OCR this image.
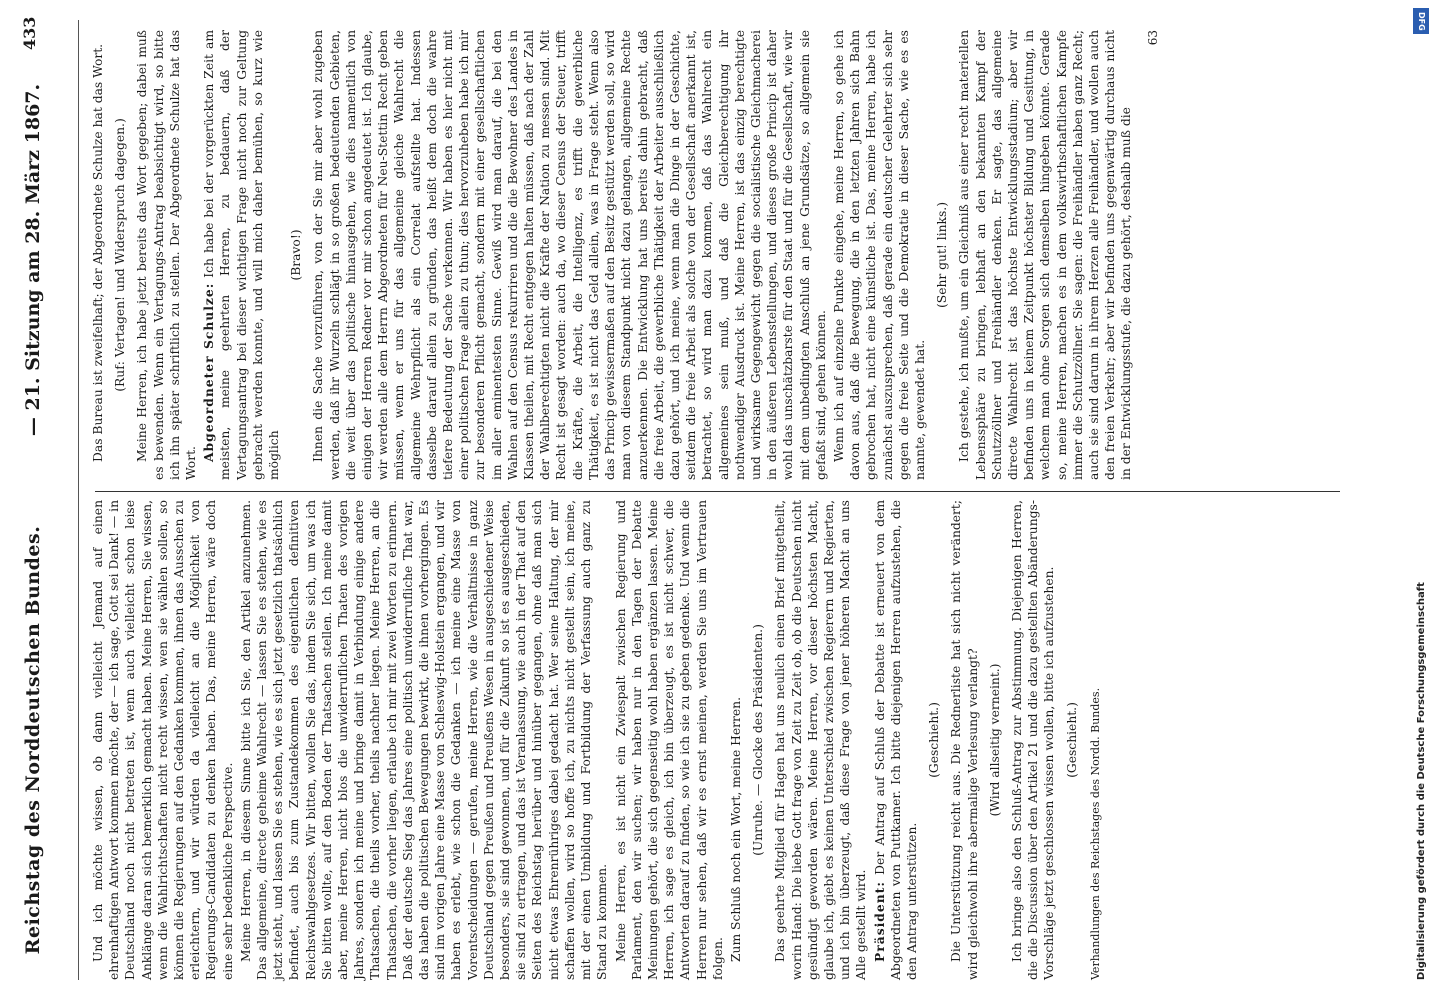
Reichstag des Norddeutschen Bundes.
— 21. Sitzung am 28. März 1867.
433

Und ich möchte wissen, ob dann vielleicht Jemand auf einen ehrenhaftigen Antwort kommen möchte, der — ich sage, Gott sei Dank! — in Deutschland noch nicht betreten ist, wenn auch vielleicht schon leise Anklänge daran sich bemerklich gemacht haben. Meine Herren, Sie wissen, wenn die Wahlrichtschaften nicht recht wissen, wen sie wählen sollen, so können die Regierungen auf den Gedanken kommen, ihnen das Ausschen zu erleichtern, und wir würden da vielleicht an die Möglichkeit von Regierungs-Candidaten zu denken haben. Das, meine Herren, wäre doch eine sehr bedenkliche Perspective. Meine Herren, in diesem Sinne bitte ich Sie, den Artikel anzunehmen. Das allgemeine, directe geheime Wahlrecht — lassen Sie es stehen, wie es jetzt steht, und lassen Sie es stehen, wie es sich jetzt gesetzlich thatsächlich befindet, auch bis zum Zustandekommen des eigentlichen definitiven Reichswahlgesetzes. Wir bitten, wollen Sie das, indem Sie sich, um was ich Sie bitten wollte, auf den Boden der Thatsachen stellen. Ich meine damit aber, meine Herren, nicht blos die unwiderruflichen Thaten des vorigen Jahres, sondern ich meine und bringe damit in Verbindung einige andere Thatsachen, die theils vorher, theils nachher liegen. Meine Herren, an die Thatsachen, die vorher liegen, erlaube ich mir mit zwei Worten zu erinnern. Daß der deutsche Sieg das Jahres eine politisch unwiderrufliche That war, das haben die politischen Bewegungen bewirkt, die ihnen vorhergingen. Es sind im vorigen Jahre eine Masse von Schleswig-Holstein ergangen, und wir haben es erlebt, wie schon die Gedanken — ich meine eine Masse von Vorentscheidungen — gerufen, meine Herren, wie die Verhältnisse in ganz Deutschland gegen Preußen und Preußens Wesen in ausgeschiedener Weise besonders, sie sind gewonnen, und für die Zukunft so ist es ausgeschieden, sie sind zu ertragen, und das ist Veranlassung, wie auch in der That auf den Seiten des Reichstag herüber und hinüber gegangen, ohne daß man sich nicht etwas Ehrenrühriges dabei gedacht hat. Wer seine Haltung, der mir schaffen wollen, wird so hoffe ich, zu nichts nicht gestellt sein, ich meine, mit der einen Umbildung und Fortbildung der Verfassung auch ganz zu Stand zu kommen. Meine Herren, es ist nicht ein Zwiespalt zwischen Regierung und Parlament, den wir suchen; wir haben nur in den Tagen der Debatte Meinungen gehört, die sich gegenseitig wohl haben ergänzen lassen. Meine Herren, ich sage es gleich, ich bin überzeugt, es ist nicht schwer, die Antworten darauf zu finden, so wie ich sie zu geben gedenke. Und wenn die Herren nur sehen, daß wir es ernst meinen, werden Sie uns im Vertrauen folgen. Zum Schluß noch ein Wort, meine Herren. (Unruhe. — Glocke des Präsidenten.) Das geehrte Mitglied für Hagen hat uns neulich einen Brief mitgetheilt, worin Hand: Die liebe Gott frage von Zeit zu Zeit ob, ob die Deutschen nicht gesündigt geworden wären. Meine Herren, vor dieser höchsten Macht, glaube ich, giebt es keinen Unterschied zwischen Regierern und Regierten, und ich bin überzeugt, daß diese Frage von jener höheren Macht an uns Alle gestellt wird. Präsident: Der Antrag auf Schluß der Debatte ist erneuert von dem Abgeordneten von Puttkamer. Ich bitte diejenigen Herren aufzustehen, die den Antrag unterstützen.

(Geschieht.) Die Unterstützung reicht aus. Die Rednerliste hat sich nicht verändert; wird gleichwohl ihre abermalige Verlesung verlangt? (Wird allseitig verneint.) Ich bringe also den Schluß-Antrag zur Abstimmung. Diejenigen Herren, die die Discussion über den Artikel 21 und die dazu gestellten Abänderungs-Vorschläge jetzt geschlossen wissen wollen, bitte ich aufzustehen. (Geschieht.) Verhandlungen des Reichstages des Nordd. Bundes.

Das Bureau ist zweifelhaft; der Abgeordnete Schulze hat das Wort. (Ruf: Vertagen! und Widerspruch dagegen.) Meine Herren, ich habe jetzt bereits das Wort gegeben; dabei muß es bewenden. Wenn ein Vertagungs-Antrag beabsichtigt wird, so bitte ich ihn später schriftlich zu stellen. Der Abgeordnete Schulze hat das Wort.

Abgeordneter Schulze: Ich habe bei der vorgerückten Zeit am meisten, meine geehrten Herren, zu bedauern, daß der Vertagungsantrag bei dieser wichtigen Frage nicht noch zur Geltung gebracht werden konnte, und will mich daher bemühen, so kurz wie möglich

(Bravo!) Ihnen die Sache vorzuführen, von der Sie mir aber wohl zugeben werden, daß ihr Wurzeln schlägt in so großen bedeutenden Gebieten, die weit über das politische hinausgehen, wie dies namentlich von einigen der Herren Redner vor mir schon angedeutet ist. Ich glaube, wir werden alle dem Herrn Abgeordneten für Neu-Stettin Recht geben müssen, wenn er uns für das allgemeine gleiche Wahlrecht die allgemeine Wehrpflicht als ein Correlat aufstellte hat. Indessen dasselbe darauf allein zu gründen, das heißt dem doch die wahre tiefere Bedeutung der Sache verkennen. Wir haben es hier nicht mit einer politischen Frage allein zu thun; dies hervorzuheben habe ich mir zur besonderen Pflicht gemacht, sondern mit einer gesellschaftlichen im aller eminentesten Sinne. Gewiß wird man darauf, die bei den Wahlen auf den Census rekurriren und die die Bewohner des Landes in Klassen theilen, mit Recht entgegen halten müssen, daß nach der Zahl der Wahlberechtigten nicht die Kräfte der Nation zu messen sind. Mit Recht ist gesagt worden: auch da, wo dieser Census der Steuer, trifft die Kräfte, die Arbeit, die Intelligenz, es trifft die gewerbliche Thätigkeit, es ist nicht das Geld allein, was in Frage steht. Wenn also das Princip gewissermaßen auf den Besitz gestützt werden soll, so wird man von diesem Standpunkt nicht dazu gelangen, allgemeine Rechte anzuerkennen. Die Entwicklung hat uns bereits dahin gebracht, daß die freie Arbeit, die gewerbliche Thätigkeit der Arbeiter ausschließlich dazu gehört, und ich meine, wenn man die Dinge in der Geschichte, seitdem die freie Arbeit als solche von der Gesellschaft anerkannt ist, betrachtet, so wird man dazu kommen, daß das Wahlrecht ein allgemeines sein muß, und daß die Gleichberechtigung ihr nothwendiger Ausdruck ist. Meine Herren, ist das einzig berechtigte und wirksame Gegengewicht gegen die socialistische Gleichmacherei in den äußeren Lebensstellungen, und dieses große Princip ist daher wohl das unschätzbarste für den Staat und für die Gesellschaft, wie wir mit dem unbedingten Anschluß an jene Grundsätze, so allgemein sie gefaßt sind, gehen können. Wenn ich auf einzelne Punkte eingehe, meine Herren, so gehe ich davon aus, daß die Bewegung, die in den letzten Jahren sich Bahn gebrochen hat, nicht eine künstliche ist. Das, meine Herren, habe ich zunächst auszusprechen, daß gerade ein deutscher Gelehrter sich sehr gegen die freie Seite und die Demokratie in dieser Sache, wie es es nannte, gewendet hat.

(Sehr gut! links.) Ich gestehe, ich mußte, um ein Gleichniß aus einer recht materiellen Lebenssphäre zu bringen, lebhaft an den bekannten Kampf der Schutzzöllner und Freihändler denken. Er sagte, das allgemeine directe Wahlrecht ist das höchste Entwicklungsstadium; aber wir befinden uns in keinem Zeitpunkt höchster Bildung und Gesittung, in welchem man ohne Sorgen sich demselben hingeben könnte. Gerade so, meine Herren, machen es in dem volkswirthschaftlichen Kampfe immer die Schutzzöllner. Sie sagen: die Freihändler haben ganz Recht; auch sie sind darum in ihrem Herzen alle Freihändler, und wollen auch den freien Verkehr; aber wir befinden uns gegenwärtig durchaus nicht in der Entwicklungsstufe, die dazu gehört, deshalb muß die

63

DFG
Digitalisierung gefördert durch die Deutsche Forschungsgemeinschaft
